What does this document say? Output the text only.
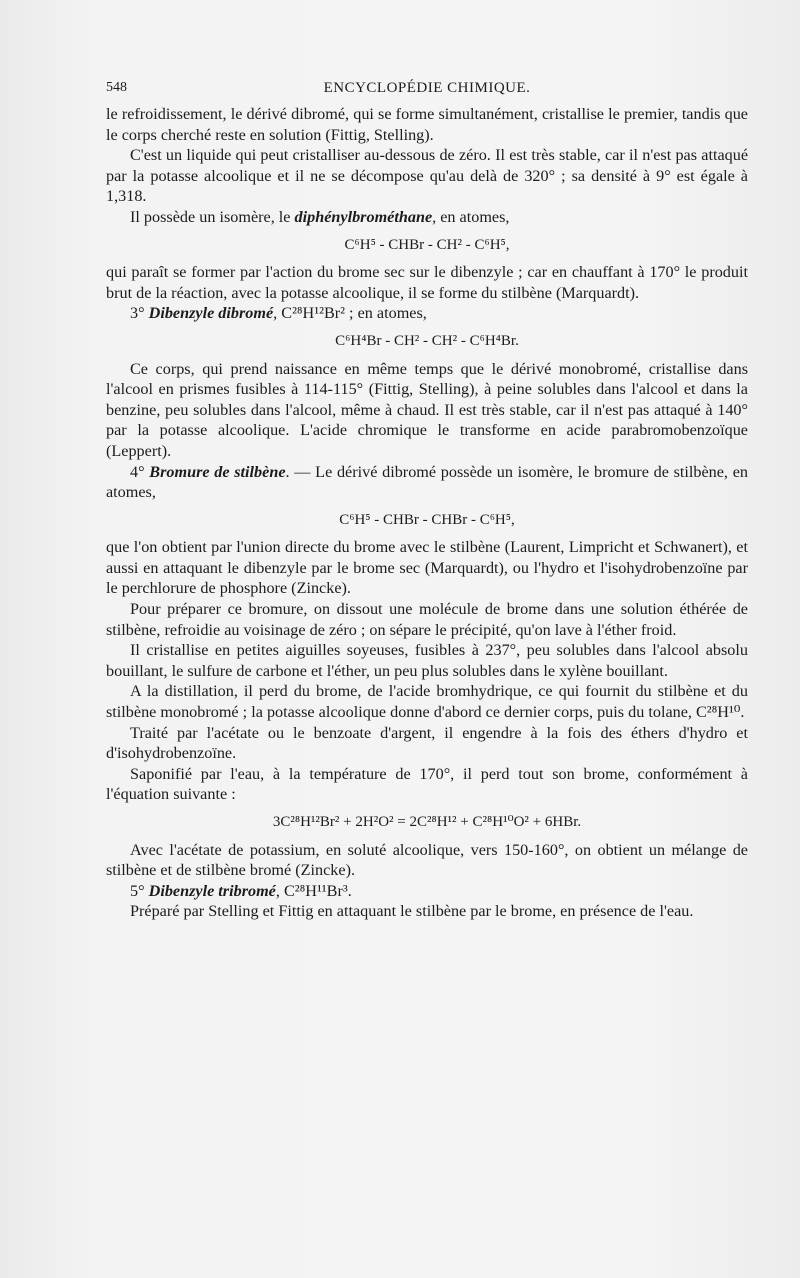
548	ENCYCLOPÉDIE CHIMIQUE.

le refroidissement, le dérivé dibromé, qui se forme simultanément, cristallise le premier, tandis que le corps cherché reste en solution (Fittig, Stelling).

C'est un liquide qui peut cristalliser au-dessous de zéro. Il est très stable, car il n'est pas attaqué par la potasse alcoolique et il ne se décompose qu'au delà de 320° ; sa densité à 9° est égale à 1,318.

Il possède un isomère, le diphénylbrométhane, en atomes,

C⁶H⁵ - CHBr - CH² - C⁶H⁵,

qui paraît se former par l'action du brome sec sur le dibenzyle ; car en chauffant à 170° le produit brut de la réaction, avec la potasse alcoolique, il se forme du stilbène (Marquardt).

3° Dibenzyle dibromé, C²⁸H¹²Br² ; en atomes,

C⁶H⁴Br - CH² - CH² - C⁶H⁴Br.

Ce corps, qui prend naissance en même temps que le dérivé monobromé, cristallise dans l'alcool en prismes fusibles à 114-115° (Fittig, Stelling), à peine solubles dans l'alcool et dans la benzine, peu solubles dans l'alcool, même à chaud. Il est très stable, car il n'est pas attaqué à 140° par la potasse alcoolique. L'acide chromique le transforme en acide parabromobenzoïque (Leppert).

4° Bromure de stilbène. — Le dérivé dibromé possède un isomère, le bromure de stilbène, en atomes,

C⁶H⁵ - CHBr - CHBr - C⁶H⁵,

que l'on obtient par l'union directe du brome avec le stilbène (Laurent, Limpricht et Schwanert), et aussi en attaquant le dibenzyle par le brome sec (Marquardt), ou l'hydro et l'isohydrobenzoïne par le perchlorure de phosphore (Zincke).

Pour préparer ce bromure, on dissout une molécule de brome dans une solution éthérée de stilbène, refroidie au voisinage de zéro ; on sépare le précipité, qu'on lave à l'éther froid.

Il cristallise en petites aiguilles soyeuses, fusibles à 237°, peu solubles dans l'alcool absolu bouillant, le sulfure de carbone et l'éther, un peu plus solubles dans le xylène bouillant.

A la distillation, il perd du brome, de l'acide bromhydrique, ce qui fournit du stilbène et du stilbène monobromé ; la potasse alcoolique donne d'abord ce dernier corps, puis du tolane, C²⁸H¹⁰.

Traité par l'acétate ou le benzoate d'argent, il engendre à la fois des éthers d'hydro et d'isohydrobenzoïne.

Saponifié par l'eau, à la température de 170°, il perd tout son brome, conformément à l'équation suivante :

3C²⁸H¹²Br² + 2H²O² = 2C²⁸H¹² + C²⁸H¹⁰O² + 6HBr.

Avec l'acétate de potassium, en soluté alcoolique, vers 150-160°, on obtient un mélange de stilbène et de stilbène bromé (Zincke).

5° Dibenzyle tribromé, C²⁸H¹¹Br³.

Préparé par Stelling et Fittig en attaquant le stilbène par le brome, en présence de l'eau.
